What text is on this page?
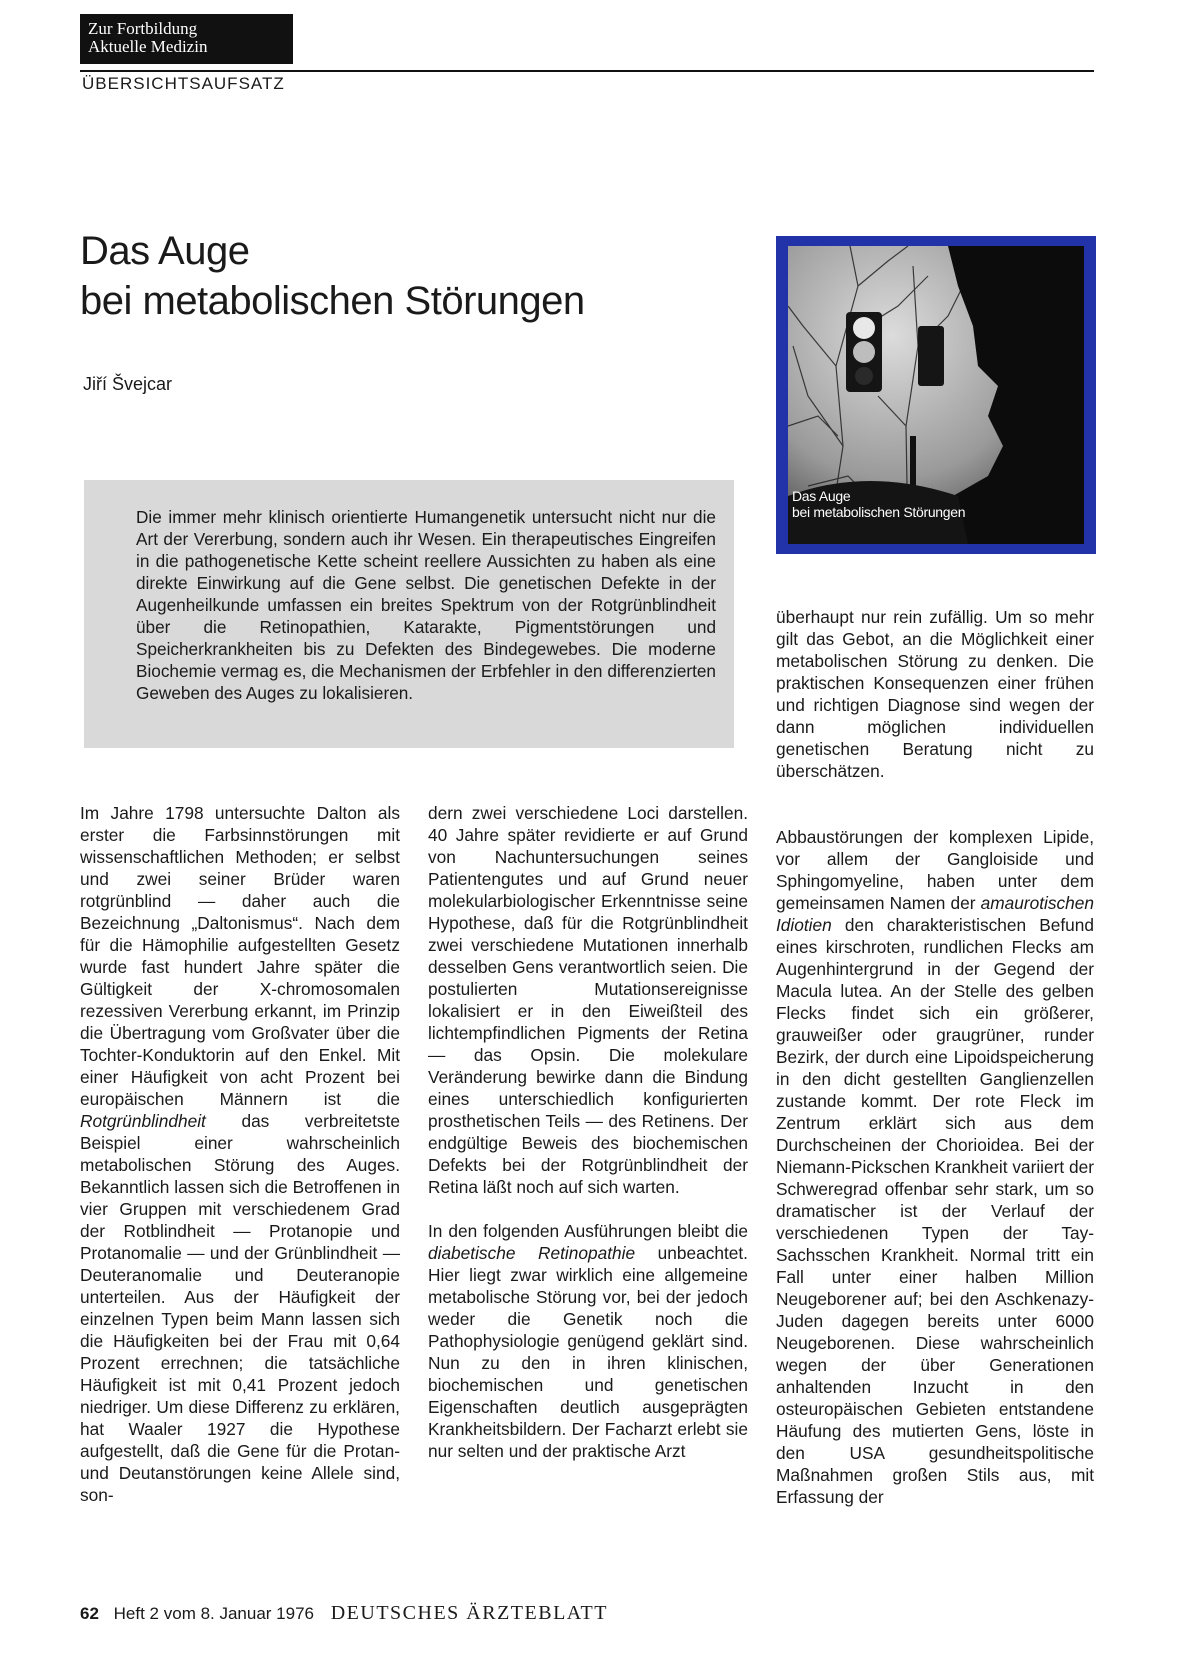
Zur Fortbildung
Aktuelle Medizin
ÜBERSICHTSAUFSATZ
Das Auge
bei metabolischen Störungen
Jiří Švejcar

Die immer mehr klinisch orientierte Humangenetik untersucht nicht nur die Art der Vererbung, sondern auch ihr Wesen. Ein therapeutisches Eingreifen in die pathogenetische Kette scheint reellere Aussichten zu haben als eine direkte Einwirkung auf die Gene selbst. Die genetischen Defekte in der Augenheilkunde umfassen ein breites Spektrum von der Rotgrünblindheit über die Retinopathien, Katarakte, Pigmentstörungen und Speicherkrankheiten bis zu Defekten des Bindegewebes. Die moderne Biochemie vermag es, die Mechanismen der Erbfehler in den differenzierten Geweben des Auges zu lokalisieren.

Das Auge
bei metabolischen Störungen

Im Jahre 1798 untersuchte Dalton als erster die Farbsinnstörungen mit wissenschaftlichen Methoden; er selbst und zwei seiner Brüder waren rotgrünblind — daher auch die Bezeichnung „Daltonismus“. Nach dem für die Hämophilie aufgestellten Gesetz wurde fast hundert Jahre später die Gültigkeit der X-chromosomalen rezessiven Vererbung erkannt, im Prinzip die Übertragung vom Großvater über die Tochter-Konduktorin auf den Enkel. Mit einer Häufigkeit von acht Prozent bei europäischen Männern ist die Rotgrünblindheit das verbreitetste Beispiel einer wahrscheinlich metabolischen Störung des Auges. Bekanntlich lassen sich die Betroffenen in vier Gruppen mit verschiedenem Grad der Rotblindheit — Protanopie und Protanomalie — und der Grünblindheit — Deuteranomalie und Deuteranopie unterteilen. Aus der Häufigkeit der einzelnen Typen beim Mann lassen sich die Häufigkeiten bei der Frau mit 0,64 Prozent errechnen; die tatsächliche Häufigkeit ist mit 0,41 Prozent jedoch niedriger. Um diese Differenz zu erklären, hat Waaler 1927 die Hypothese aufgestellt, daß die Gene für die Protan- und Deutanstörungen keine Allele sind, son-

dern zwei verschiedene Loci darstellen. 40 Jahre später revidierte er auf Grund von Nachuntersuchungen seines Patientengutes und auf Grund neuer molekularbiologischer Erkenntnisse seine Hypothese, daß für die Rotgrünblindheit zwei verschiedene Mutationen innerhalb desselben Gens verantwortlich seien. Die postulierten Mutationsereignisse lokalisiert er in den Eiweißteil des lichtempfindlichen Pigments der Retina — das Opsin. Die molekulare Veränderung bewirke dann die Bindung eines unterschiedlich konfigurierten prosthetischen Teils — des Retinens. Der endgültige Beweis des biochemischen Defekts bei der Rotgrünblindheit der Retina läßt noch auf sich warten.

In den folgenden Ausführungen bleibt die diabetische Retinopathie unbeachtet. Hier liegt zwar wirklich eine allgemeine metabolische Störung vor, bei der jedoch weder die Genetik noch die Pathophysiologie genügend geklärt sind. Nun zu den in ihren klinischen, biochemischen und genetischen Eigenschaften deutlich ausgeprägten Krankheitsbildern. Der Facharzt erlebt sie nur selten und der praktische Arzt

überhaupt nur rein zufällig. Um so mehr gilt das Gebot, an die Möglichkeit einer metabolischen Störung zu denken. Die praktischen Konsequenzen einer frühen und richtigen Diagnose sind wegen der dann möglichen individuellen genetischen Beratung nicht zu überschätzen.

Abbaustörungen der komplexen Lipide, vor allem der Gangloiside und Sphingomyeline, haben unter dem gemeinsamen Namen der amaurotischen Idiotien den charakteristischen Befund eines kirschroten, rundlichen Flecks am Augenhintergrund in der Gegend der Macula lutea. An der Stelle des gelben Flecks findet sich ein größerer, grauweißer oder graugrüner, runder Bezirk, der durch eine Lipoidspeicherung in den dicht gestellten Ganglienzellen zustande kommt. Der rote Fleck im Zentrum erklärt sich aus dem Durchscheinen der Chorioidea. Bei der Niemann-Pickschen Krankheit variiert der Schweregrad offenbar sehr stark, um so dramatischer ist der Verlauf der verschiedenen Typen der Tay-Sachsschen Krankheit. Normal tritt ein Fall unter einer halben Million Neugeborener auf; bei den Aschkenazy-Juden dagegen bereits unter 6000 Neugeborenen. Diese wahrscheinlich wegen der über Generationen anhaltenden Inzucht in den osteuropäischen Gebieten entstandene Häufung des mutierten Gens, löste in den USA gesundheitspolitische Maßnahmen großen Stils aus, mit Erfassung der

62 Heft 2 vom 8. Januar 1976 DEUTSCHES ÄRZTEBLATT
